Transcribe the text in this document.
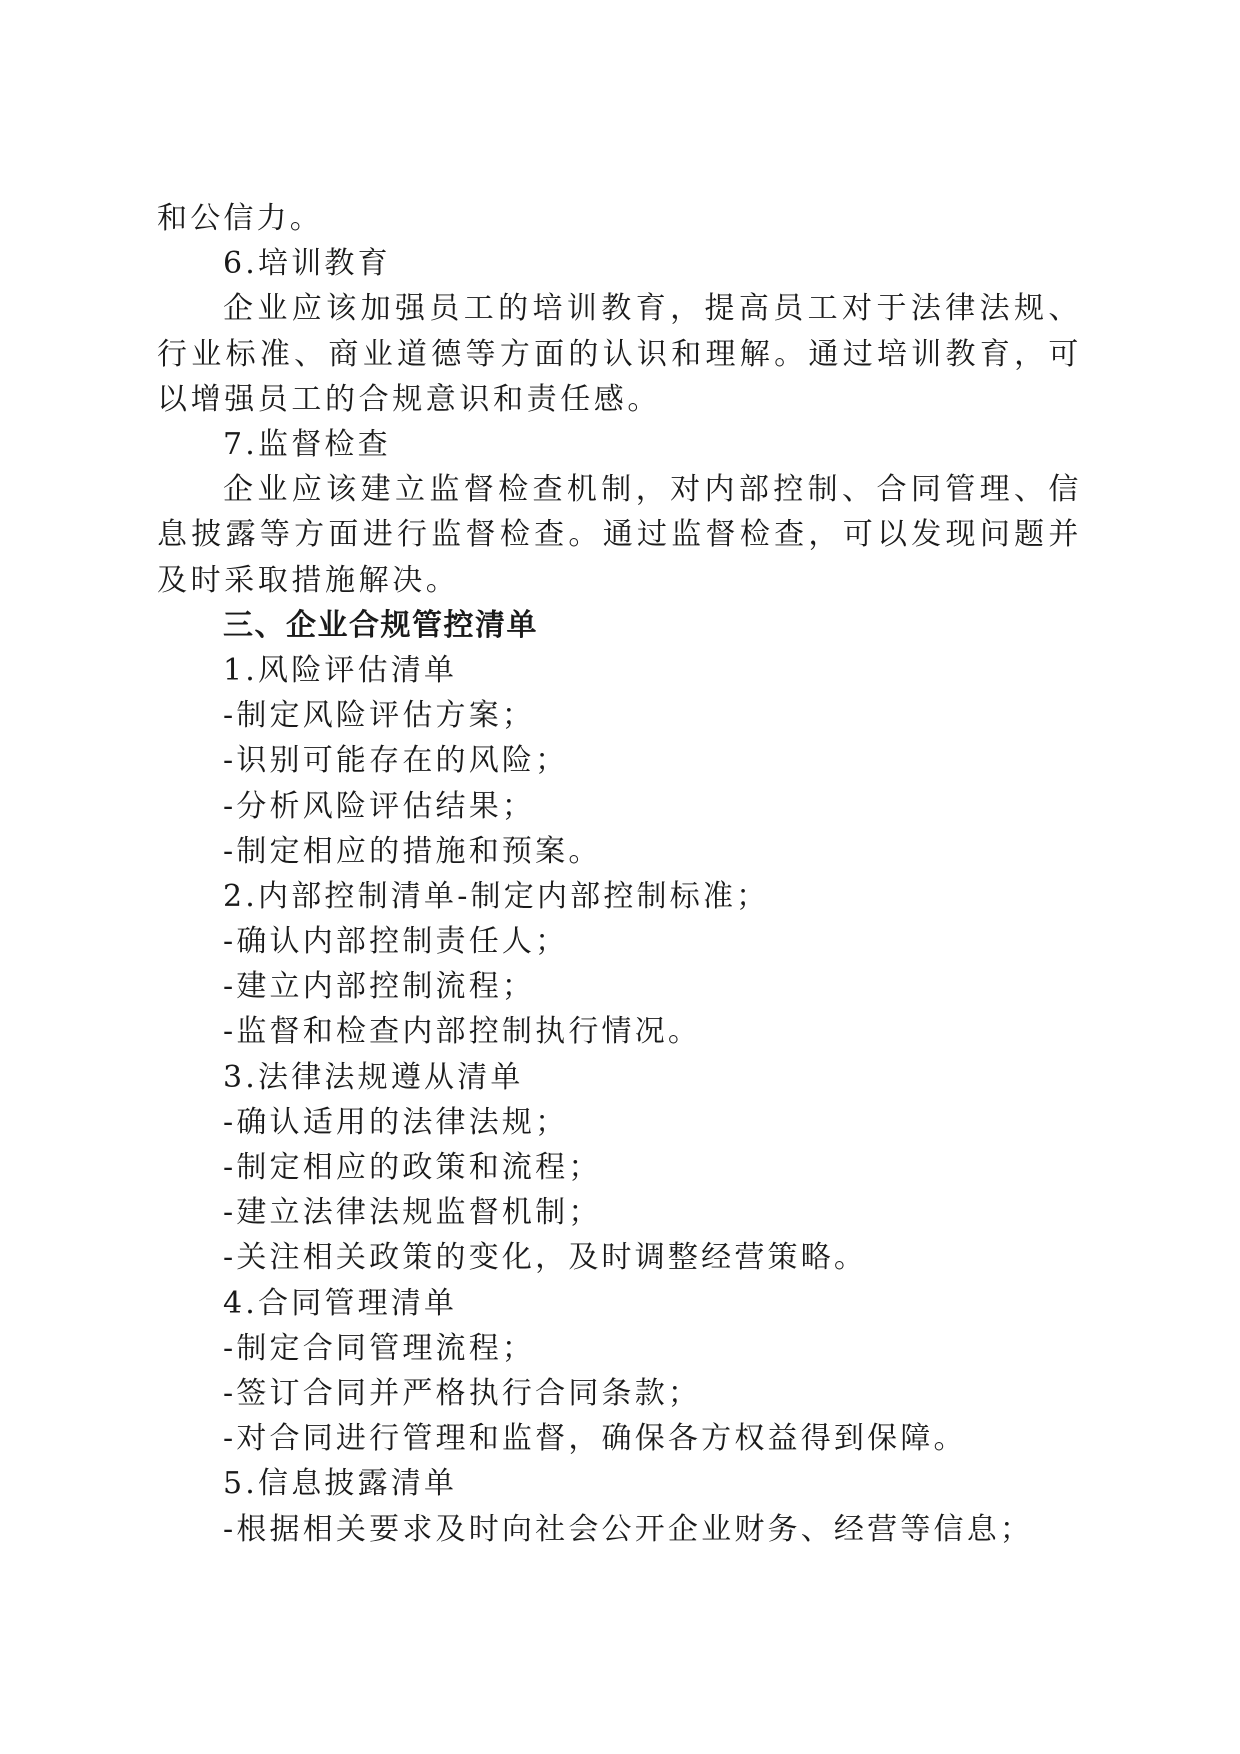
和公信力。
6.培训教育
企业应该加强员工的培训教育，提高员工对于法律法规、行业标准、商业道德等方面的认识和理解。通过培训教育，可以增强员工的合规意识和责任感。
7.监督检查
企业应该建立监督检查机制，对内部控制、合同管理、信息披露等方面进行监督检查。通过监督检查，可以发现问题并及时采取措施解决。
三、企业合规管控清单
1.风险评估清单
-制定风险评估方案；
-识别可能存在的风险；
-分析风险评估结果；
-制定相应的措施和预案。
2.内部控制清单-制定内部控制标准；
-确认内部控制责任人；
-建立内部控制流程；
-监督和检查内部控制执行情况。
3.法律法规遵从清单
-确认适用的法律法规；
-制定相应的政策和流程；
-建立法律法规监督机制；
-关注相关政策的变化，及时调整经营策略。
4.合同管理清单
-制定合同管理流程；
-签订合同并严格执行合同条款；
-对合同进行管理和监督，确保各方权益得到保障。
5.信息披露清单
-根据相关要求及时向社会公开企业财务、经营等信息；
